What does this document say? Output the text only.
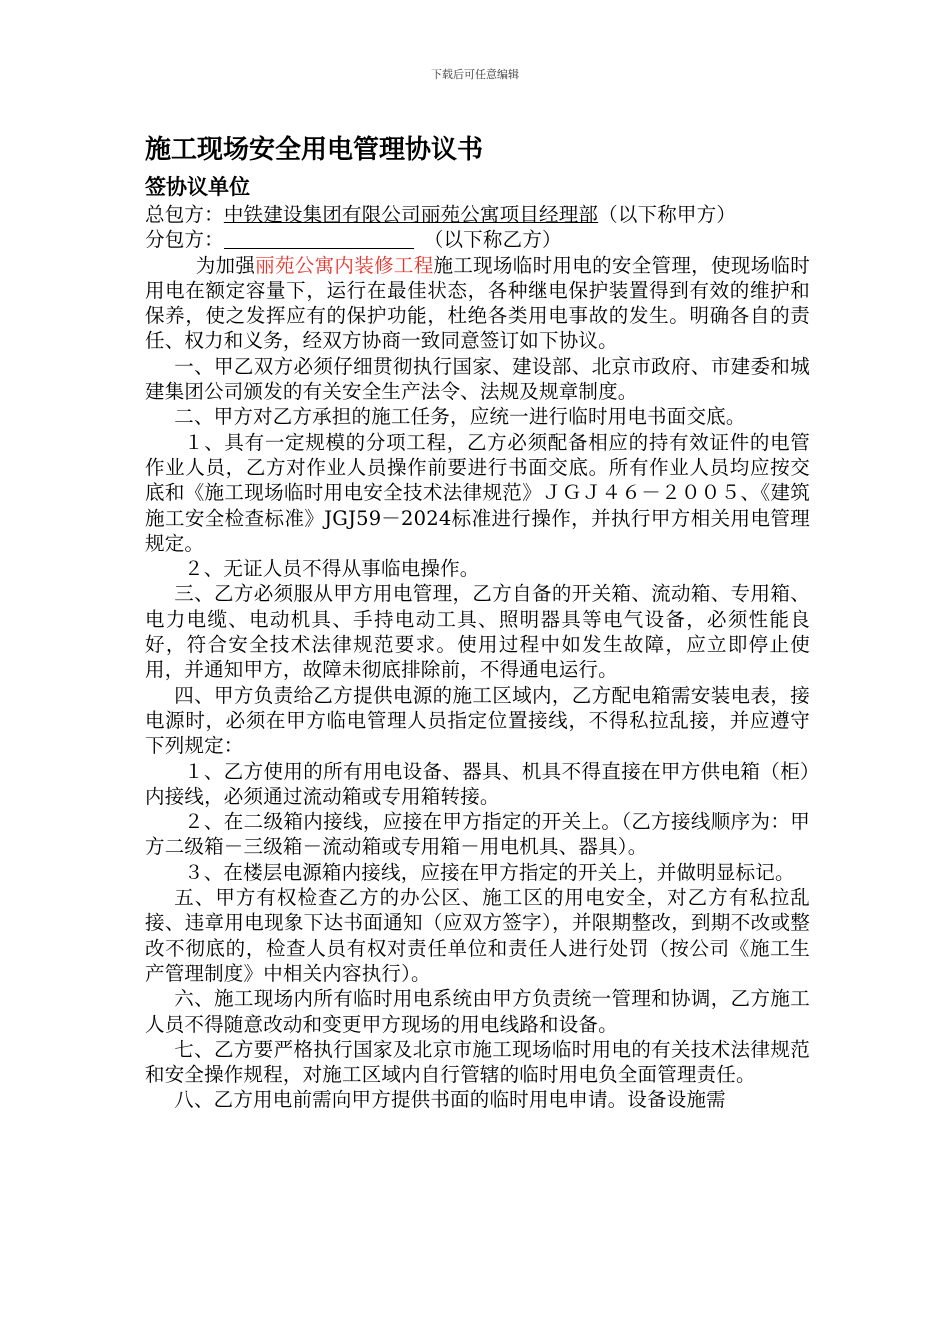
下载后可任意编辑
施工现场安全用电管理协议书
签协议单位

总包方：中铁建设集团有限公司丽苑公寓项目经理部（以下称甲方）

分包方：	（以下称乙方）

为加强丽苑公寓内装修工程施工现场临时用电的安全管理，使现场临时用电在额定容量下，运行在最佳状态，各种继电保护装置得到有效的维护和保养，使之发挥应有的保护功能，杜绝各类用电事故的发生。明确各自的责任、权力和义务，经双方协商一致同意签订如下协议。

一、甲乙双方必须仔细贯彻执行国家、建设部、北京市政府、市建委和城建集团公司颁发的有关安全生产法令、法规及规章制度。

二、甲方对乙方承担的施工任务，应统一进行临时用电书面交底。

１、具有一定规模的分项工程，乙方必须配备相应的持有效证件的电管作业人员，乙方对作业人员操作前要进行书面交底。所有作业人员均应按交底和《施工现场临时用电安全技术法律规范》ＪＧＪ４６－２００５、《建筑施工安全检查标准》JGJ59－2024标准进行操作，并执行甲方相关用电管理规定。

２、无证人员不得从事临电操作。

三、乙方必须服从甲方用电管理，乙方自备的开关箱、流动箱、专用箱、电力电缆、电动机具、手持电动工具、照明器具等电气设备，必须性能良好，符合安全技术法律规范要求。使用过程中如发生故障，应立即停止使用，并通知甲方，故障未彻底排除前，不得通电运行。

四、甲方负责给乙方提供电源的施工区域内，乙方配电箱需安装电表，接电源时，必须在甲方临电管理人员指定位置接线，不得私拉乱接，并应遵守下列规定：

１、乙方使用的所有用电设备、器具、机具不得直接在甲方供电箱（柜）内接线，必须通过流动箱或专用箱转接。

２、在二级箱内接线，应接在甲方指定的开关上。（乙方接线顺序为：甲方二级箱－三级箱－流动箱或专用箱－用电机具、器具）。

３、在楼层电源箱内接线，应接在甲方指定的开关上，并做明显标记。

五、甲方有权检查乙方的办公区、施工区的用电安全，对乙方有私拉乱接、违章用电现象下达书面通知（应双方签字），并限期整改，到期不改或整改不彻底的，检查人员有权对责任单位和责任人进行处罚（按公司《施工生产管理制度》中相关内容执行）。

六、施工现场内所有临时用电系统由甲方负责统一管理和协调，乙方施工人员不得随意改动和变更甲方现场的用电线路和设备。

七、乙方要严格执行国家及北京市施工现场临时用电的有关技术法律规范和安全操作规程，对施工区域内自行管辖的临时用电负全面管理责任。

八、乙方用电前需向甲方提供书面的临时用电申请。设备设施需
